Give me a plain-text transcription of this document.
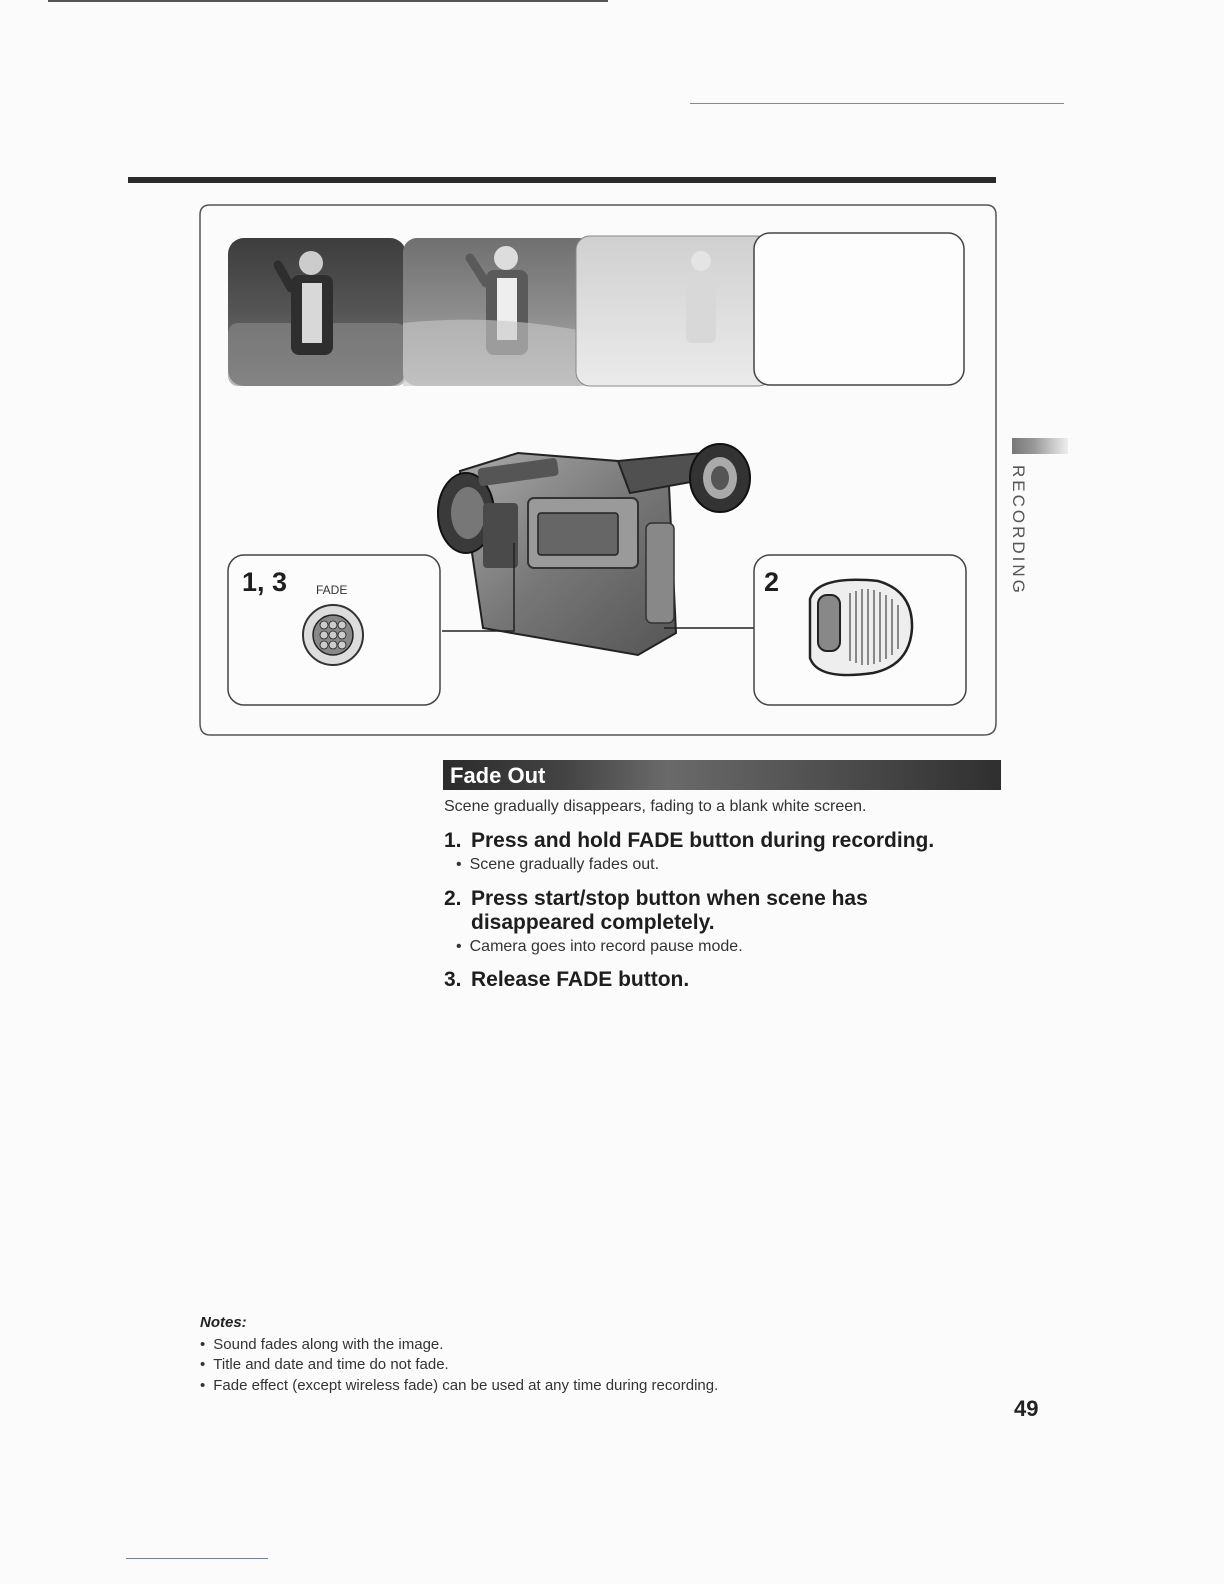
1, 3 FADE	2	RECORDING
Fade Out
Scene gradually disappears, fading to a blank white screen.
1. Press and hold FADE button during recording.
• Scene gradually fades out.
2. Press start/stop button when scene has
disappeared completely.
• Camera goes into record pause mode.
3. Release FADE button.
Notes:
• Sound fades along with the image.
• Title and date and time do not fade.
• Fade effect (except wireless fade) can be used at any time during recording.
49
